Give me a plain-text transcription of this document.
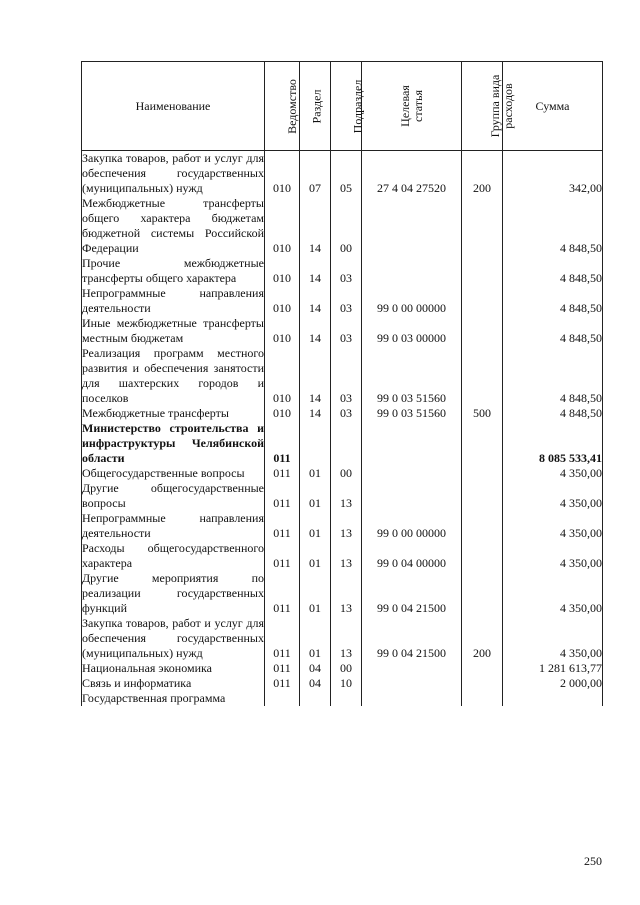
Наименование	Ведомство	Раздел	Подраздел	Целевая статья	Группа вида расходов	Сумма
Закупка товаров, работ и услуг для обеспечения государственных (муниципальных) нужд	010	07	05	27 4 04 27520	200	342,00
Межбюджетные трансферты общего характера бюджетам бюджетной системы Российской Федерации	010	14	00			4 848,50
Прочие межбюджетные трансферты общего характера	010	14	03			4 848,50
Непрограммные направления деятельности	010	14	03	99 0 00 00000		4 848,50
Иные межбюджетные трансферты местным бюджетам	010	14	03	99 0 03 00000		4 848,50
Реализация программ местного развития и обеспечения занятости для шахтерских городов и поселков	010	14	03	99 0 03 51560		4 848,50
Межбюджетные трансферты	010	14	03	99 0 03 51560	500	4 848,50
Министерство строительства и инфраструктуры Челябинской области	011					8 085 533,41
Общегосударственные вопросы	011	01	00			4 350,00
Другие общегосударственные вопросы	011	01	13			4 350,00
Непрограммные направления деятельности	011	01	13	99 0 00 00000		4 350,00
Расходы общегосударственного характера	011	01	13	99 0 04 00000		4 350,00
Другие мероприятия по реализации государственных функций	011	01	13	99 0 04 21500		4 350,00
Закупка товаров, работ и услуг для обеспечения государственных (муниципальных) нужд	011	01	13	99 0 04 21500	200	4 350,00
Национальная экономика	011	04	00			1 281 613,77
Связь и информатика	011	04	10			2 000,00
Государственная программа						
250
